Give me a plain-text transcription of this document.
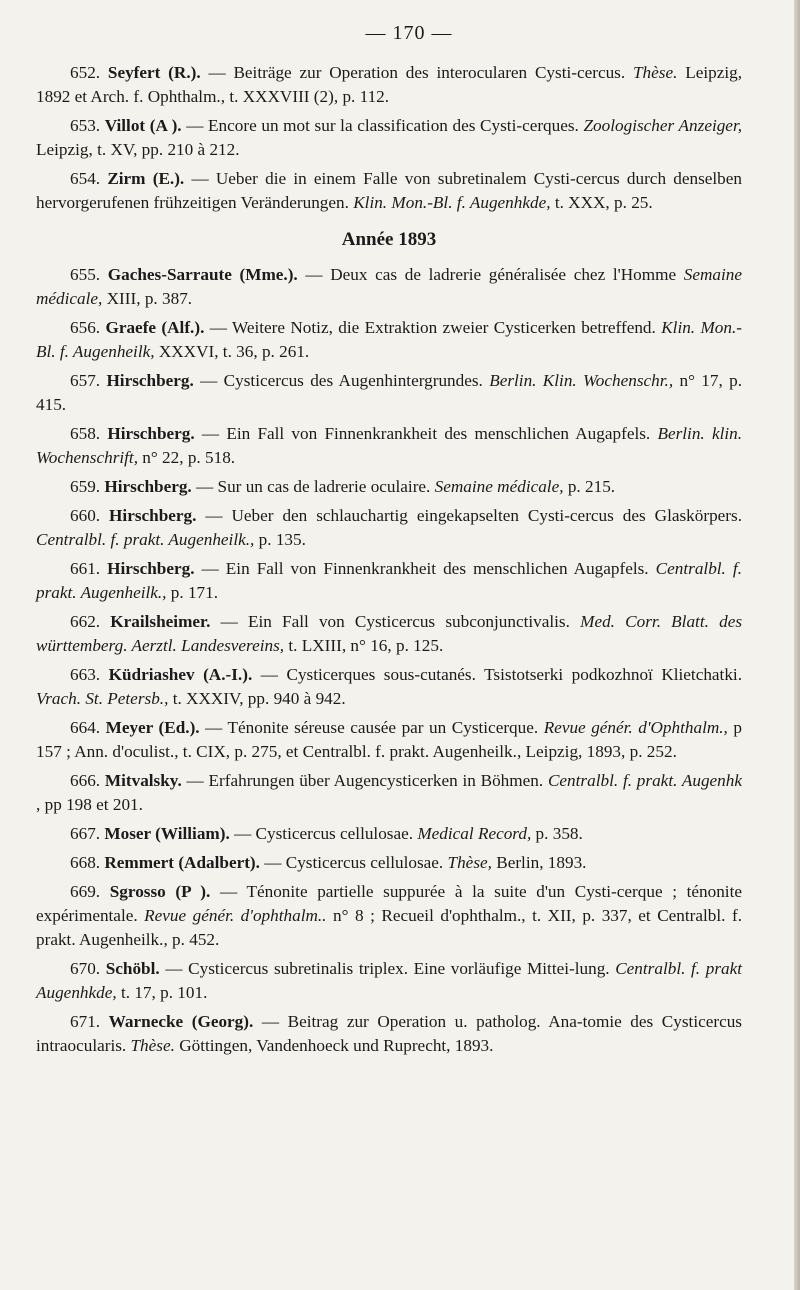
— 170 —

652. Seyfert (R.). — Beiträge zur Operation des interocularen Cysti-cercus. Thèse. Leipzig, 1892 et Arch. f. Ophthalm., t. XXXVIII (2), p. 112.

653. Villot (A ). — Encore un mot sur la classification des Cysti-cerques. Zoologischer Anzeiger, Leipzig, t. XV, pp. 210 à 212.

654. Zirm (E.). — Ueber die in einem Falle von subretinalem Cysti-cercus durch denselben hervorgerufenen frühzeitigen Veränderungen. Klin. Mon.-Bl. f. Augenhkde, t. XXX, p. 25.

Année 1893

655. Gaches-Sarraute (Mme.). — Deux cas de ladrerie généralisée chez l'Homme Semaine médicale, XIII, p. 387.

656. Graefe (Alf.). — Weitere Notiz, die Extraktion zweier Cysticerken betreffend. Klin. Mon.-Bl. f. Augenheilk, XXXVI, t. 36, p. 261.

657. Hirschberg. — Cysticercus des Augenhintergrundes. Berlin. Klin. Wochenschr., n° 17, p. 415.

658. Hirschberg. — Ein Fall von Finnenkrankheit des menschlichen Augapfels. Berlin. klin. Wochenschrift, n° 22, p. 518.

659. Hirschberg. — Sur un cas de ladrerie oculaire. Semaine médicale, p. 215.

660. Hirschberg. — Ueber den schlauchartig eingekapselten Cysti-cercus des Glaskörpers. Centralbl. f. prakt. Augenheilk., p. 135.

661. Hirschberg. — Ein Fall von Finnenkrankheit des menschlichen Augapfels. Centralbl. f. prakt. Augenheilk., p. 171.

662. Krailsheimer. — Ein Fall von Cysticercus subconjunctivalis. Med. Corr. Blatt. des württemberg. Aerztl. Landesvereins, t. LXIII, n° 16, p. 125.

663. Küdriashev (A.-I.). — Cysticerques sous-cutanés. Tsistotserki podkozhnoï Klietchatki. Vrach. St. Petersb., t. XXXIV, pp. 940 à 942.

664. Meyer (Ed.). — Ténonite séreuse causée par un Cysticerque. Revue génér. d'Ophthalm., p 157 ; Ann. d'oculist., t. CIX, p. 275, et Centralbl. f. prakt. Augenheilk., Leipzig, 1893, p. 252.

666. Mitvalsky. — Erfahrungen über Augencysticerken in Böhmen. Centralbl. f. prakt. Augenhk , pp 198 et 201.

667. Moser (William). — Cysticercus cellulosae. Medical Record, p. 358.

668. Remmert (Adalbert). — Cysticercus cellulosae. Thèse, Berlin, 1893.

669. Sgrosso (P ). — Ténonite partielle suppurée à la suite d'un Cysti-cerque ; ténonite expérimentale. Revue génér. d'ophthalm.. n° 8 ; Recueil d'ophthalm., t. XII, p. 337, et Centralbl. f. prakt. Augenheilk., p. 452.

670. Schöbl. — Cysticercus subretinalis triplex. Eine vorläufige Mittei-lung. Centralbl. f. prakt Augenhkde, t. 17, p. 101.

671. Warnecke (Georg). — Beitrag zur Operation u. patholog. Ana-tomie des Cysticercus intraocularis. Thèse. Göttingen, Vandenhoeck und Ruprecht, 1893.
